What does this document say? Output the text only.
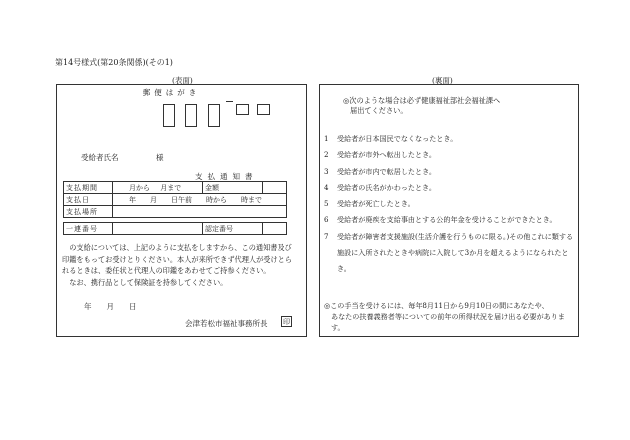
第14号様式(第20条関係)(その1)
(表面)	(裏面)
郵便はがき
受給者氏名	様
支払通知書
支払期間	月から 月まで	金額	
支払日	年　　月　　日午前　　時から　　時まで		
支払場所			

一連番号		認定番号	

の支給については、上記のように支払をしますから、この通知書及び印鑑をもってお受けとりください。本人が来所できず代理人が受けとられるときは、委任状と代理人の印鑑をあわせてご持参ください。

なお、携行品として保険証を持参してください。

年　　月　　日
会津若松市福祉事務所長 印

◎次のような場合は必ず健康福祉部社会福祉課へ

届出てください。

1	受給者が日本国民でなくなったとき。
2	受給者が市外へ転出したとき。
3	受給者が市内で転居したとき。
4	受給者の氏名がかわったとき。
5	受給者が死亡したとき。
6	受給者が廃疾を支給事由とする公的年金を受けることができたとき。
7	受給者が障害者支援施設(生活介護を行うものに限る。)その他これに類する施設に入所されたときや病院に入院して3か月を超えるようになられたとき。

◎この手当を受けるには、毎年8月11日から9月10日の間にあなたや、

あなたの扶養義務者等についての前年の所得状況を届け出る必要があります。
